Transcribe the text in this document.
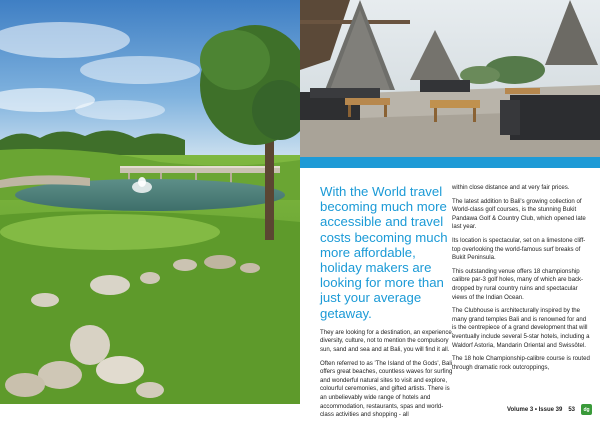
With the World travel becoming much more accessible and travel costs becoming much more affordable, holiday makers are looking for more than just your average getaway.

They are looking for a destination, an experience, diversity, culture, not to mention the compulsory sun, sand and sea and at Bali, you will find it all.

Often referred to as 'The Island of the Gods', Bali offers great beaches, countless waves for surfing and wonderful natural sites to visit and explore, colourful ceremonies, and gifted artists. There is an unbelievably wide range of hotels and accommodation, restaurants, spas and world-class activities and shopping - all

within close distance and at very fair prices.

The latest addition to Bali's growing collection of World-class golf courses, is the stunning Bukit Pandawa Golf & Country Club, which opened late last year.

Its location is spectacular, set on a limestone cliff-top overlooking the world-famous surf breaks of Bukit Peninsula.

This outstanding venue offers 18 championship calibre par-3 golf holes, many of which are back-dropped by rural country ruins and spectacular views of the Indian Ocean.

The Clubhouse is architecturally inspired by the many grand temples Bali and is renowned for and is the centrepiece of a grand development that will eventually include several 5-star hotels, including a Waldorf Astoria, Mandarin Oriental and Swissôtel.

The 18 hole Championship-calibre course is routed through dramatic rock outcroppings,

Volume 3 • Issue 39 53 dg
